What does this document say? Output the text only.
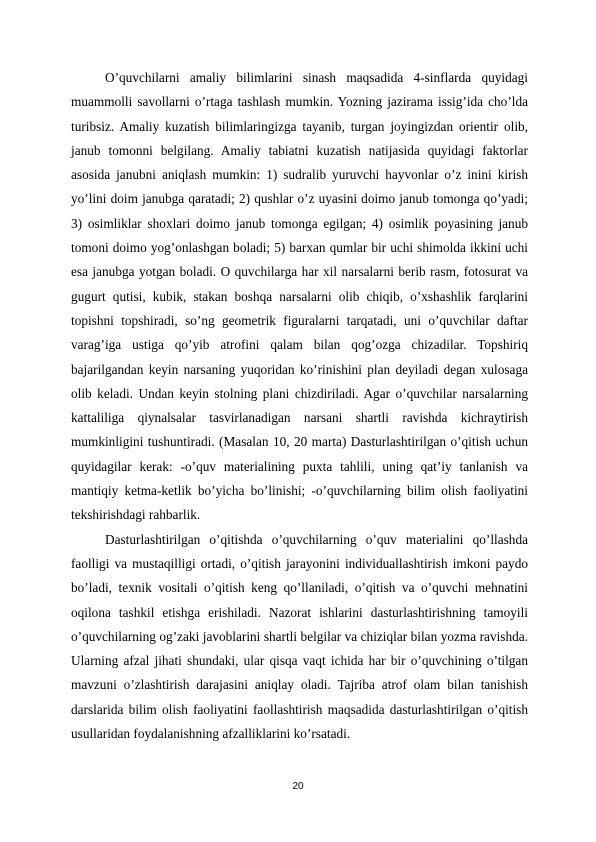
O’quvchilarni amaliy bilimlarini sinash maqsadida 4-sinflarda quyidagi muammolli savollarni o’rtaga tashlash mumkin. Yozning jazirama issig’ida cho’lda turibsiz. Amaliy kuzatish bilimlaringizga tayanib, turgan joyingizdan orientir olib, janub tomonni belgilang. Amaliy tabiatni kuzatish natijasida quyidagi faktorlar asosida janubni aniqlash mumkin: 1) sudralib yuruvchi hayvonlar o’z inini kirish yo’lini doim janubga qaratadi; 2) qushlar o’z uyasini doimo janub tomonga qo’yadi; 3) osimliklar shoxlari doimo janub tomonga egilgan; 4) osimlik poyasining janub tomoni doimo yog’onlashgan boladi; 5) barxan qumlar bir uchi shimolda ikkini uchi esa janubga yotgan boladi. O quvchilarga har xil narsalarni berib rasm, fotosurat va gugurt qutisi, kubik, stakan boshqa narsalarni olib chiqib, o’xshashlik farqlarini topishni topshiradi, so’ng geometrik figuralarni tarqatadi, uni o’quvchilar daftar varag’iga ustiga qo’yib atrofini qalam bilan qog’ozga chizadilar. Topshiriq bajarilgandan keyin narsaning yuqoridan ko’rinishini plan deyiladi degan xulosaga olib keladi. Undan keyin stolning plani chizdiriladi. Agar o’quvchilar narsalarning kattaliliga qiynalsalar tasvirlanadigan narsani shartli ravishda kichraytirish mumkinligini tushuntiradi. (Masalan 10, 20 marta) Dasturlashtirilgan o’qitish uchun quyidagilar kerak: -o’quv materialining puxta tahlili, uning qat’iy tanlanish va mantiqiy ketma-ketlik bo’yicha bo’linishi; -o’quvchilarning bilim olish faoliyatini tekshirishdagi rahbarlik.

Dasturlashtirilgan o’qitishda o’quvchilarning o’quv materialini qo’llashda faolligi va mustaqilligi ortadi, o’qitish jarayonini individuallashtirish imkoni paydo bo’ladi, texnik vositali o’qitish keng qo’llaniladi, o’qitish va o’quvchi mehnatini oqilona tashkil etishga erishiladi. Nazorat ishlarini dasturlashtirishning tamoyili o’quvchilarning og’zaki javoblarini shartli belgilar va chiziqlar bilan yozma ravishda. Ularning afzal jihati shundaki, ular qisqa vaqt ichida har bir o’quvchining o’tilgan mavzuni o’zlashtirish darajasini aniqlay oladi. Tajriba atrof olam bilan tanishish darslarida bilim olish faoliyatini faollashtirish maqsadida dasturlashtirilgan o’qitish usullaridan foydalanishning afzalliklarini ko’rsatadi.

20
